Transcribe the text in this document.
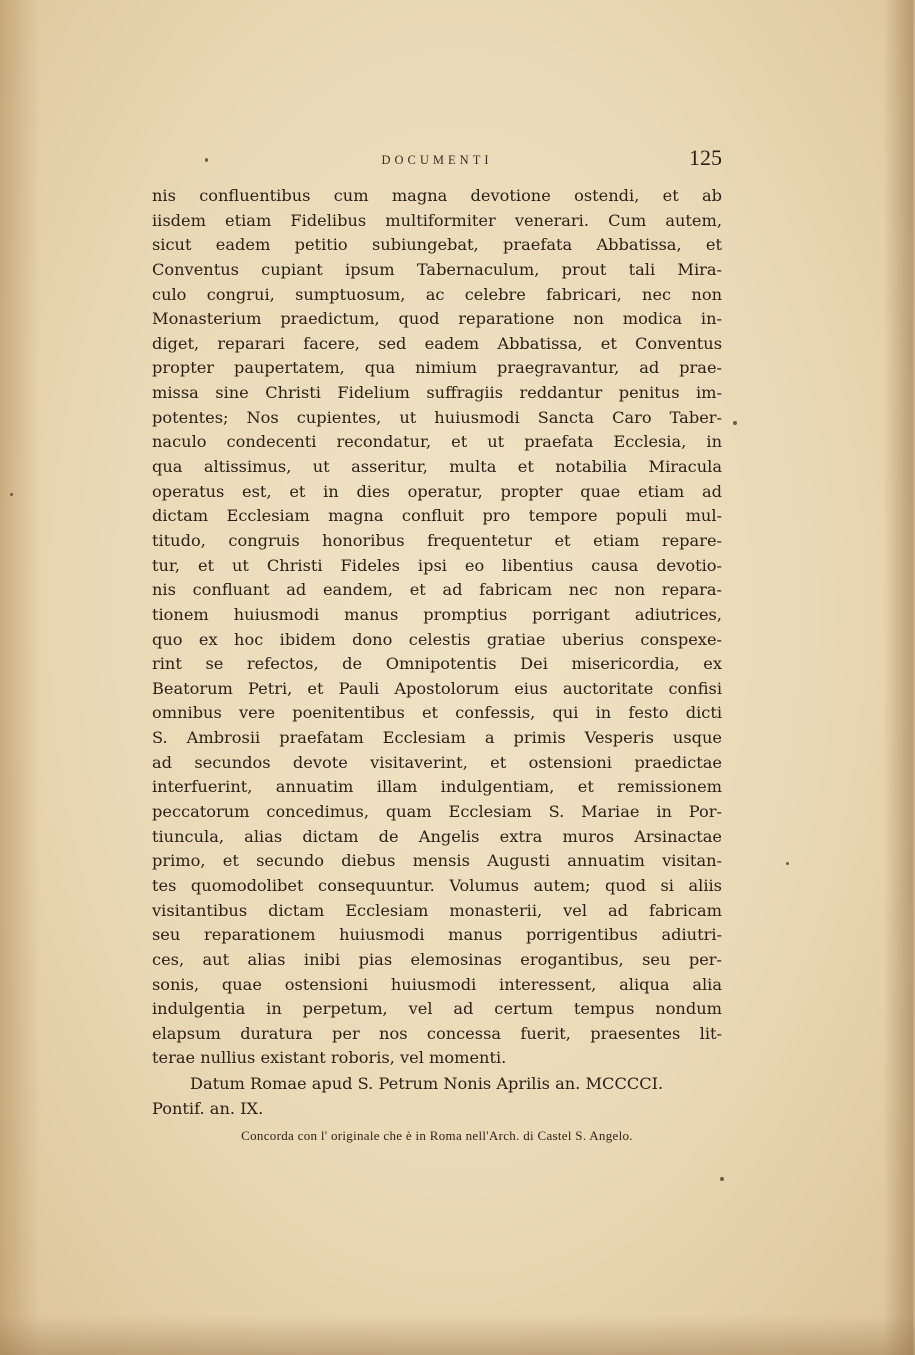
DOCUMENTI	125
nis confluentibus cum magna devotione ostendi, et ab
iisdem etiam Fidelibus multiformiter venerari. Cum autem,
sicut eadem petitio subiungebat, praefata Abbatissa, et
Conventus cupiant ipsum Tabernaculum, prout tali Mira-
culo congrui, sumptuosum, ac celebre fabricari, nec non
Monasterium praedictum, quod reparatione non modica in-
diget, reparari facere, sed eadem Abbatissa, et Conventus
propter paupertatem, qua nimium praegravantur, ad prae-
missa sine Christi Fidelium suffragiis reddantur penitus im-
potentes; Nos cupientes, ut huiusmodi Sancta Caro Taber-
naculo condecenti recondatur, et ut praefata Ecclesia, in
qua altissimus, ut asseritur, multa et notabilia Miracula
operatus est, et in dies operatur, propter quae etiam ad
dictam Ecclesiam magna confluit pro tempore populi mul-
titudo, congruis honoribus frequentetur et etiam repare-
tur, et ut Christi Fideles ipsi eo libentius causa devotio-
nis confluant ad eandem, et ad fabricam nec non repara-
tionem huiusmodi manus promptius porrigant adiutrices,
quo ex hoc ibidem dono celestis gratiae uberius conspexe-
rint se refectos, de Omnipotentis Dei misericordia, ex
Beatorum Petri, et Pauli Apostolorum eius auctoritate confisi
omnibus vere poenitentibus et confessis, qui in festo dicti
S. Ambrosii praefatam Ecclesiam a primis Vesperis usque
ad secundos devote visitaverint, et ostensioni praedictae
interfuerint, annuatim illam indulgentiam, et remissionem
peccatorum concedimus, quam Ecclesiam S. Mariae in Por-
tiuncula, alias dictam de Angelis extra muros Arsinactae
primo, et secundo diebus mensis Augusti annuatim visitan-
tes quomodolibet consequuntur. Volumus autem; quod si aliis
visitantibus dictam Ecclesiam monasterii, vel ad fabricam
seu reparationem huiusmodi manus porrigentibus adiutri-
ces, aut alias inibi pias elemosinas erogantibus, seu per-
sonis, quae ostensioni huiusmodi interessent, aliqua alia
indulgentia in perpetum, vel ad certum tempus nondum
elapsum duratura per nos concessa fuerit, praesentes lit-
terae nullius existant roboris, vel momenti.
Datum Romae apud S. Petrum Nonis Aprilis an. MCCCCI.
Pontif. an. IX.
Concorda con l' originale che è in Roma nell'Arch. di Castel S. Angelo.
